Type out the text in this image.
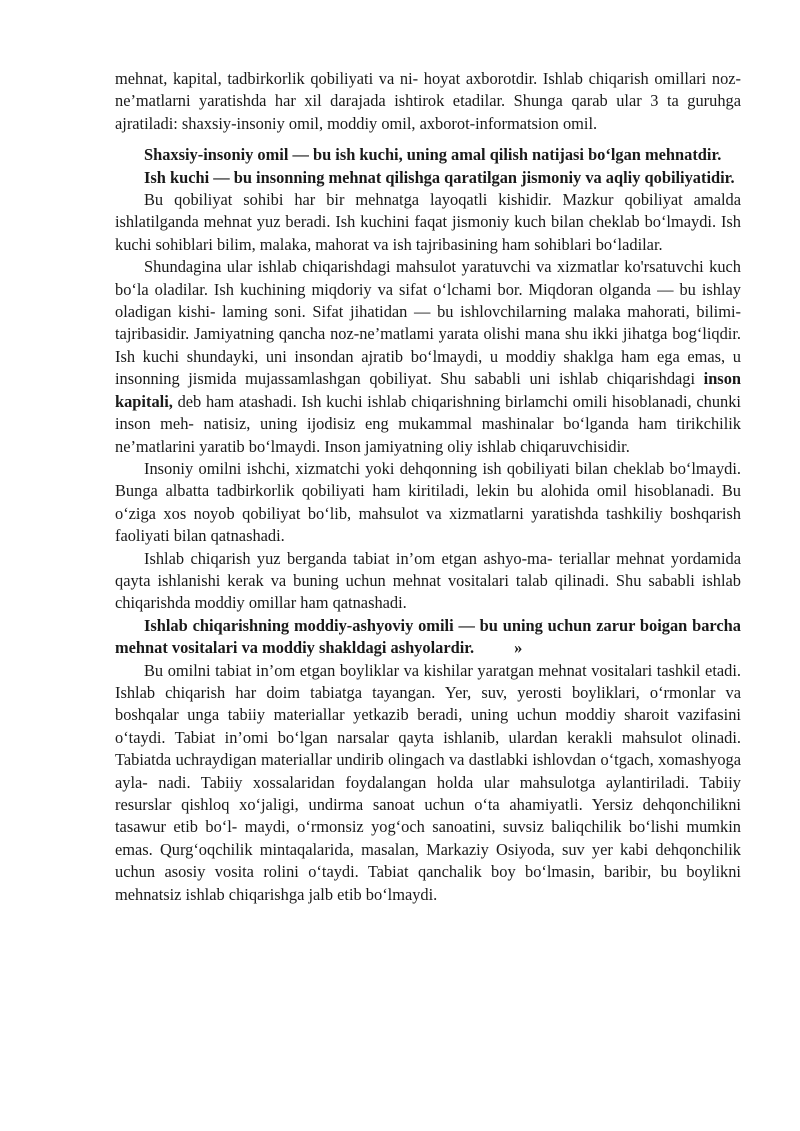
mehnat, kapital, tadbirkorlik qobiliyati va ni- hoyat axborotdir. Ishlab chiqarish omillari noz-ne’matlarni yaratishda har xil darajada ishtirok etadilar. Shunga qarab ular 3 ta guruhga ajratiladi: shaxsiy-insoniy omil, moddiy omil, axborot-informatsion omil.

Shaxsiy-insoniy omil — bu ish kuchi, uning amal qilish natijasi bo‘lgan mehnatdir.

Ish kuchi — bu insonning mehnat qilishga qaratilgan jismoniy va aqliy qobiliyatidir.

Bu qobiliyat sohibi har bir mehnatga layoqatli kishidir. Mazkur qobiliyat amalda ishlatilganda mehnat yuz beradi. Ish kuchini faqat jismoniy kuch bilan cheklab bo‘lmaydi. Ish kuchi sohiblari bilim, malaka, mahorat va ish tajribasining ham sohiblari bo‘ladilar.

Shundagina ular ishlab chiqarishdagi mahsulot yaratuvchi va xizmatlar ko'rsatuvchi kuch bo‘la oladilar. Ish kuchining miqdoriy va sifat o‘lchami bor. Miqdoran olganda — bu ishlay oladigan kishi- laming soni. Sifat jihatidan — bu ishlovchilarning malaka mahorati, bilimi-tajribasidir. Jamiyatning qancha noz-ne’matlami yarata olishi mana shu ikki jihatga bog‘liqdir. Ish kuchi shundayki, uni insondan ajratib bo‘lmaydi, u moddiy shaklga ham ega emas, u insonning jismida mujassamlashgan qobiliyat. Shu sababli uni ishlab chiqarishdagi inson kapitali, deb ham atashadi. Ish kuchi ishlab chiqarishning birlamchi omili hisoblanadi, chunki inson meh- natisiz, uning ijodisiz eng mukammal mashinalar bo‘lganda ham tirikchilik ne’matlarini yaratib bo‘lmaydi. Inson jamiyatning oliy ishlab chiqaruvchisidir.

Insoniy omilni ishchi, xizmatchi yoki dehqonning ish qobiliyati bilan cheklab bo‘lmaydi. Bunga albatta tadbirkorlik qobiliyati ham kiritiladi, lekin bu alohida omil hisoblanadi. Bu o‘ziga xos noyob qobiliyat bo‘lib, mahsulot va xizmatlarni yaratishda tashkiliy boshqarish faoliyati bilan qatnashadi.

Ishlab chiqarish yuz berganda tabiat in’om etgan ashyo-ma- teriallar mehnat yordamida qayta ishlanishi kerak va buning uchun mehnat vositalari talab qilinadi. Shu sababli ishlab chiqarishda moddiy omillar ham qatnashadi.

Ishlab chiqarishning moddiy-ashyoviy omili — bu uning uchun zarur boigan barcha mehnat vositalari va moddiy shakldagi ashyolardir. »

Bu omilni tabiat in’om etgan boyliklar va kishilar yaratgan mehnat vositalari tashkil etadi. Ishlab chiqarish har doim tabiatga tayangan. Yer, suv, yerosti boyliklari, o‘rmonlar va boshqalar unga tabiiy materiallar yetkazib beradi, uning uchun moddiy sharoit vazifasini o‘taydi. Tabiat in’omi bo‘lgan narsalar qayta ishlanib, ulardan kerakli mahsulot olinadi. Tabiatda uchraydigan materiallar undirib olingach va dastlabki ishlovdan o‘tgach, xomashyoga ayla- nadi. Tabiiy xossalaridan foydalangan holda ular mahsulotga aylantiriladi. Tabiiy resurslar qishloq xo‘jaligi, undirma sanoat uchun o‘ta ahamiyatli. Yersiz dehqonchilikni tasawur etib bo‘l- maydi, o‘rmonsiz yog‘och sanoatini, suvsiz baliqchilik bo‘lishi mumkin emas. Qurg‘oqchilik mintaqalarida, masalan, Markaziy Osiyoda, suv yer kabi dehqonchilik uchun asosiy vosita rolini o‘taydi. Tabiat qanchalik boy bo‘lmasin, baribir, bu boylikni mehnatsiz ishlab chiqarishga jalb etib bo‘lmaydi.
